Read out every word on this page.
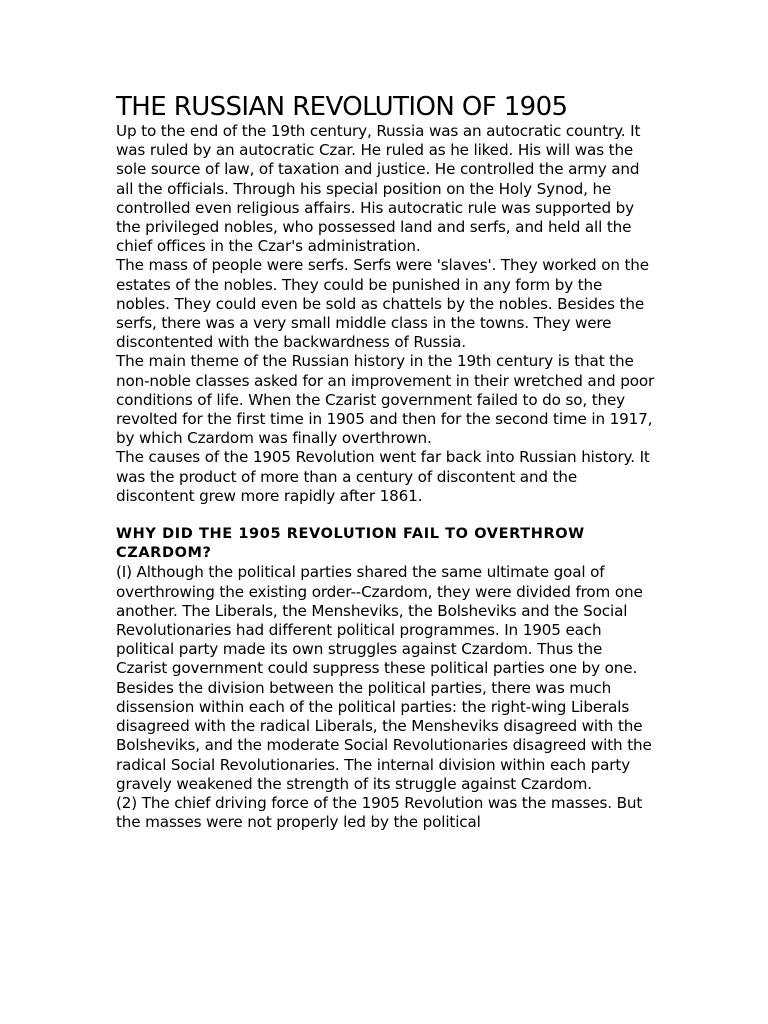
THE RUSSIAN REVOLUTION OF 1905

Up to the end of the 19th century, Russia was an autocratic country. It was ruled by an autocratic Czar. He ruled as he liked. His will was the sole source of law, of taxation and justice. He controlled the army and all the officials. Through his special position on the Holy Synod, he controlled even religious affairs. His autocratic rule was supported by the privileged nobles, who possessed land and serfs, and held all the chief offices in the Czar's administration.

The mass of people were serfs. Serfs were 'slaves'. They worked on the estates of the nobles. They could be punished in any form by the nobles. They could even be sold as chattels by the nobles. Besides the serfs, there was a very small middle class in the towns. They were discontented with the backwardness of Russia.

The main theme of the Russian history in the 19th century is that the non-noble classes asked for an improvement in their wretched and poor conditions of life. When the Czarist government failed to do so, they revolted for the first time in 1905 and then for the second time in 1917, by which Czardom was finally overthrown.

The causes of the 1905 Revolution went far back into Russian history. It was the product of more than a century of discontent and the discontent grew more rapidly after 1861.

WHY DID THE 1905 REVOLUTION FAIL TO OVERTHROW CZARDOM?

(I) Although the political parties shared the same ultimate goal of overthrowing the existing order--Czardom, they were divided from one another. The Liberals, the Mensheviks, the Bolsheviks and the Social Revolutionaries had different political programmes. In 1905 each political party made its own struggles against Czardom. Thus the Czarist government could suppress these political parties one by one. Besides the division between the political parties, there was much dissension within each of the political parties: the right-wing Liberals disagreed with the radical Liberals, the Mensheviks disagreed with the Bolsheviks, and the moderate Social Revolutionaries disagreed with the radical Social Revolutionaries. The internal division within each party gravely weakened the strength of its struggle against Czardom.

(2) The chief driving force of the 1905 Revolution was the masses. But the masses were not properly led by the political
